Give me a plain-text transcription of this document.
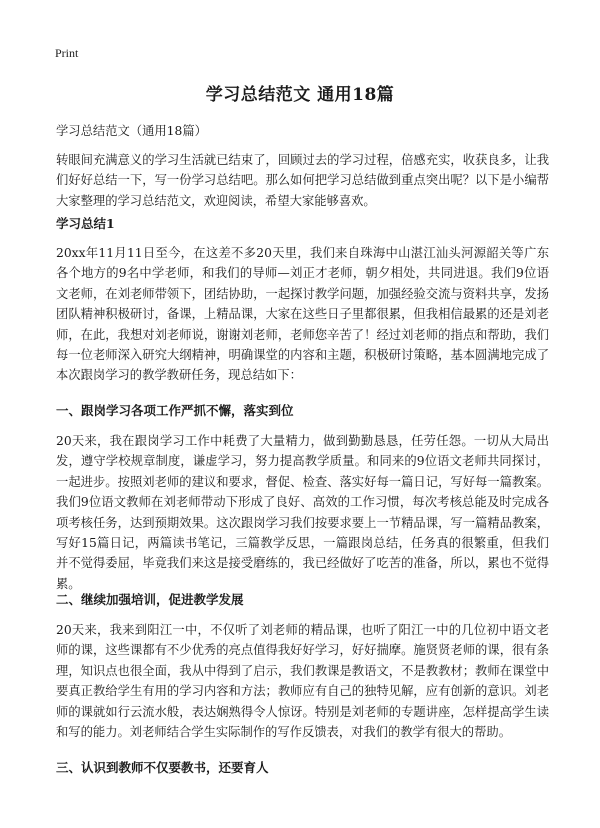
Print
学习总结范文 通用18篇

学习总结范文（通用18篇）

转眼间充满意义的学习生活就已结束了，回顾过去的学习过程，倍感充实，收获良多，让我们好好总结一下，写一份学习总结吧。那么如何把学习总结做到重点突出呢？以下是小编帮大家整理的学习总结范文，欢迎阅读，希望大家能够喜欢。

学习总结1

20xx年11月11日至今，在这差不多20天里，我们来自珠海中山湛江汕头河源韶关等广东各个地方的9名中学老师，和我们的导师—刘正才老师，朝夕相处，共同进退。我们9位语文老师，在刘老师带领下，团结协助，一起探讨教学问题，加强经验交流与资料共享，发扬团队精神积极研讨，备课，上精品课，大家在这些日子里都很累，但我相信最累的还是刘老师，在此，我想对刘老师说，谢谢刘老师，老师您辛苦了！经过刘老师的指点和帮助，我们每一位老师深入研究大纲精神，明确课堂的内容和主题，积极研讨策略，基本圆满地完成了本次跟岗学习的教学教研任务，现总结如下：

一、跟岗学习各项工作严抓不懈，落实到位

20天来，我在跟岗学习工作中耗费了大量精力，做到勤勤恳恳，任劳任怨。一切从大局出发，遵守学校规章制度，谦虚学习，努力提高教学质量。和同来的9位语文老师共同探讨，一起进步。按照刘老师的建议和要求，督促、检查、落实好每一篇日记，写好每一篇教案。我们9位语文教师在刘老师带动下形成了良好、高效的工作习惯，每次考核总能及时完成各项考核任务，达到预期效果。这次跟岗学习我们按要求要上一节精品课，写一篇精品教案，写好15篇日记，两篇读书笔记，三篇教学反思，一篇跟岗总结，任务真的很繁重，但我们并不觉得委屈，毕竟我们来这是接受磨练的，我已经做好了吃苦的准备，所以，累也不觉得累。

二、继续加强培训，促进教学发展

20天来，我来到阳江一中，不仅听了刘老师的精品课，也听了阳江一中的几位初中语文老师的课，这些课都有不少优秀的亮点值得我好好学习，好好揣摩。施贤贤老师的课，很有条理，知识点也很全面，我从中得到了启示，我们教课是教语文，不是教教材；教师在课堂中要真正教给学生有用的学习内容和方法；教师应有自己的独特见解，应有创新的意识。刘老师的课就如行云流水般，表达娴熟得令人惊讶。特别是刘老师的专题讲座，怎样提高学生读和写的能力。刘老师结合学生实际制作的写作反馈表，对我们的教学有很大的帮助。

三、认识到教师不仅要教书，还要育人
